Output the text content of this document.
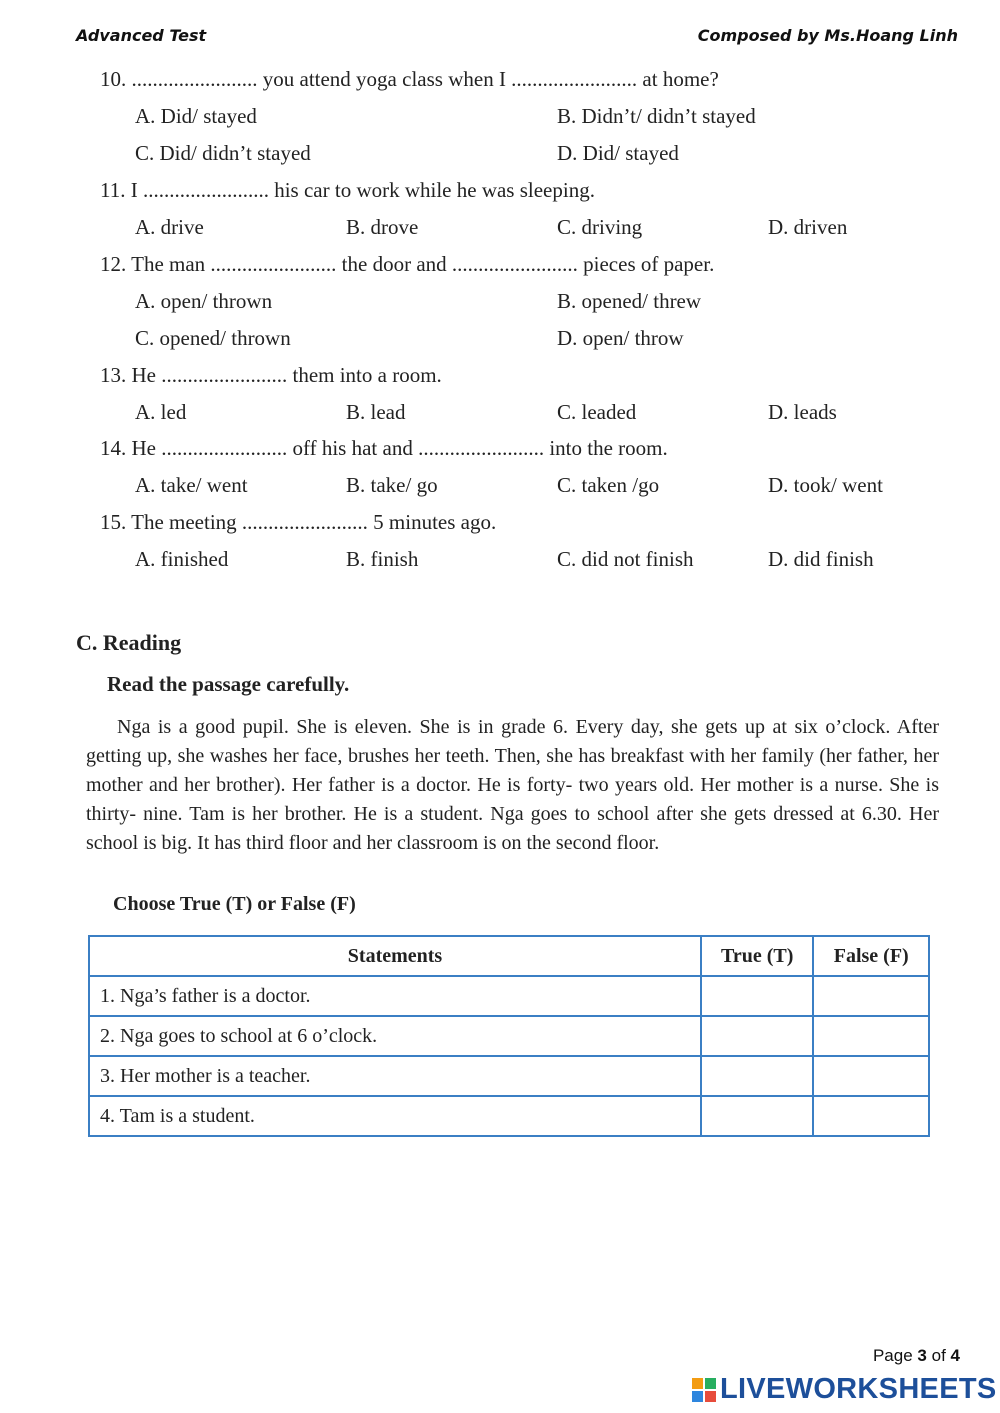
Advanced Test	Composed by Ms.Hoang Linh
10. ........................ you attend yoga class when I ........................ at home?
A. Did/ stayed	B. Didn’t/ didn’t stayed
C. Did/ didn’t stayed	D. Did/ stayed
11. I ........................ his car to work while he was sleeping.
A. drive	B. drove	C. driving	D. driven
12. The man ........................ the door and ........................ pieces of paper.
A. open/ thrown	B. opened/ threw
C. opened/ thrown	D. open/ throw
13. He ........................ them into a room.
A. led	B. lead	C. leaded	D. leads
14. He ........................ off his hat and ........................ into the room.
A. take/ went	B. take/ go	C. taken /go	D. took/ went
15. The meeting ........................ 5 minutes ago.
A. finished	B. finish	C. did not finish	D. did finish
C. Reading
Read the passage carefully.

Nga is a good pupil. She is eleven. She is in grade 6. Every day, she gets up at six o’clock. After getting up, she washes her face, brushes her teeth. Then, she has breakfast with her family (her father, her mother and her brother). Her father is a doctor. He is forty- two years old. Her mother is a nurse. She is thirty- nine. Tam is her brother. He is a student. Nga goes to school after she gets dressed at 6.30. Her school is big. It has third floor and her classroom is on the second floor.

Choose True (T) or False (F)
Statements	True (T)	False (F)
1. Nga’s father is a doctor.		
2. Nga goes to school at 6 o’clock.		
3. Her mother is a teacher.		
4. Tam is a student.		
Page 3 of 4
LIVEWORKSHEETS
